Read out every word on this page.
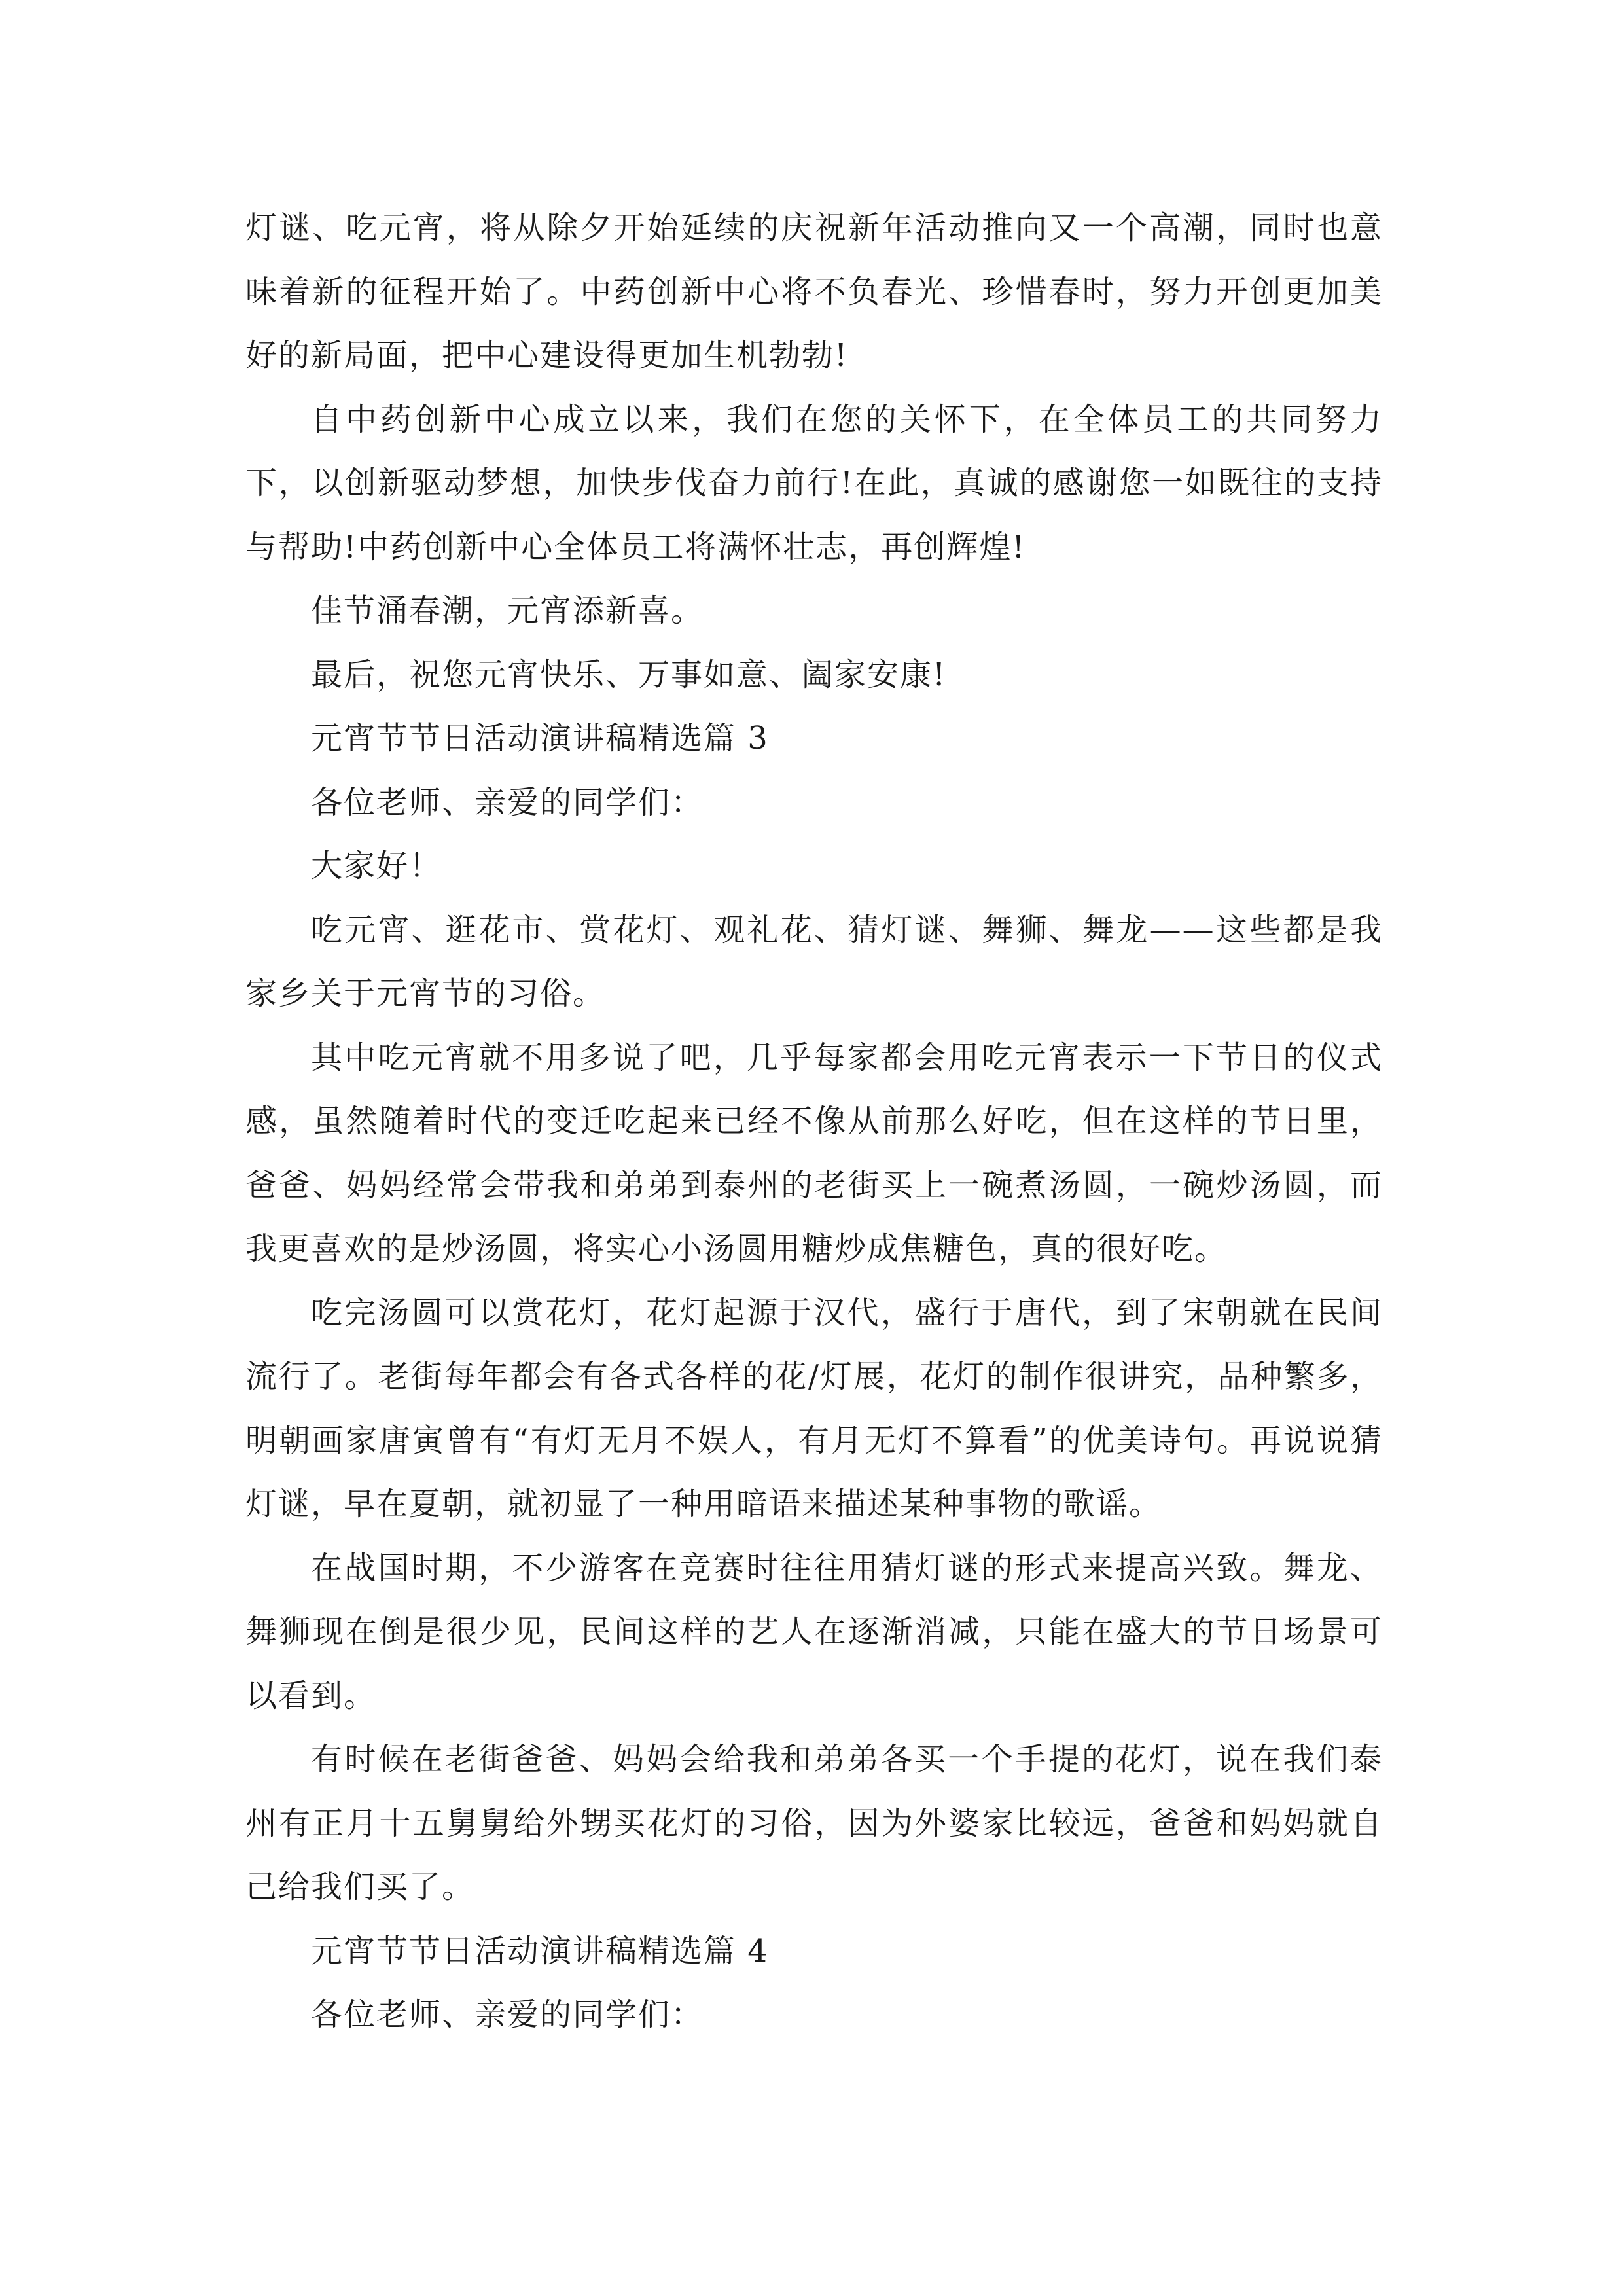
灯谜、吃元宵，将从除夕开始延续的庆祝新年活动推向又一个高潮，同时也意味着新的征程开始了。中药创新中心将不负春光、珍惜春时，努力开创更加美好的新局面，把中心建设得更加生机勃勃!

自中药创新中心成立以来，我们在您的关怀下，在全体员工的共同努力下，以创新驱动梦想，加快步伐奋力前行!在此，真诚的感谢您一如既往的支持与帮助!中药创新中心全体员工将满怀壮志，再创辉煌!

佳节涌春潮，元宵添新喜。

最后，祝您元宵快乐、万事如意、阖家安康!

元宵节节日活动演讲稿精选篇 3

各位老师、亲爱的同学们：

大家好！

吃元宵、逛花市、赏花灯、观礼花、猜灯谜、舞狮、舞龙——这些都是我家乡关于元宵节的习俗。

其中吃元宵就不用多说了吧，几乎每家都会用吃元宵表示一下节日的仪式感，虽然随着时代的变迁吃起来已经不像从前那么好吃，但在这样的节日里，爸爸、妈妈经常会带我和弟弟到泰州的老街买上一碗煮汤圆，一碗炒汤圆，而我更喜欢的是炒汤圆，将实心小汤圆用糖炒成焦糖色，真的很好吃。

吃完汤圆可以赏花灯，花灯起源于汉代，盛行于唐代，到了宋朝就在民间流行了。老街每年都会有各式各样的花/灯展，花灯的制作很讲究，品种繁多，明朝画家唐寅曾有“有灯无月不娱人，有月无灯不算看”的优美诗句。再说说猜灯谜，早在夏朝，就初显了一种用暗语来描述某种事物的歌谣。

在战国时期，不少游客在竞赛时往往用猜灯谜的形式来提高兴致。舞龙、舞狮现在倒是很少见，民间这样的艺人在逐渐消减，只能在盛大的节日场景可以看到。

有时候在老街爸爸、妈妈会给我和弟弟各买一个手提的花灯，说在我们泰州有正月十五舅舅给外甥买花灯的习俗，因为外婆家比较远，爸爸和妈妈就自己给我们买了。

元宵节节日活动演讲稿精选篇 4

各位老师、亲爱的同学们：
